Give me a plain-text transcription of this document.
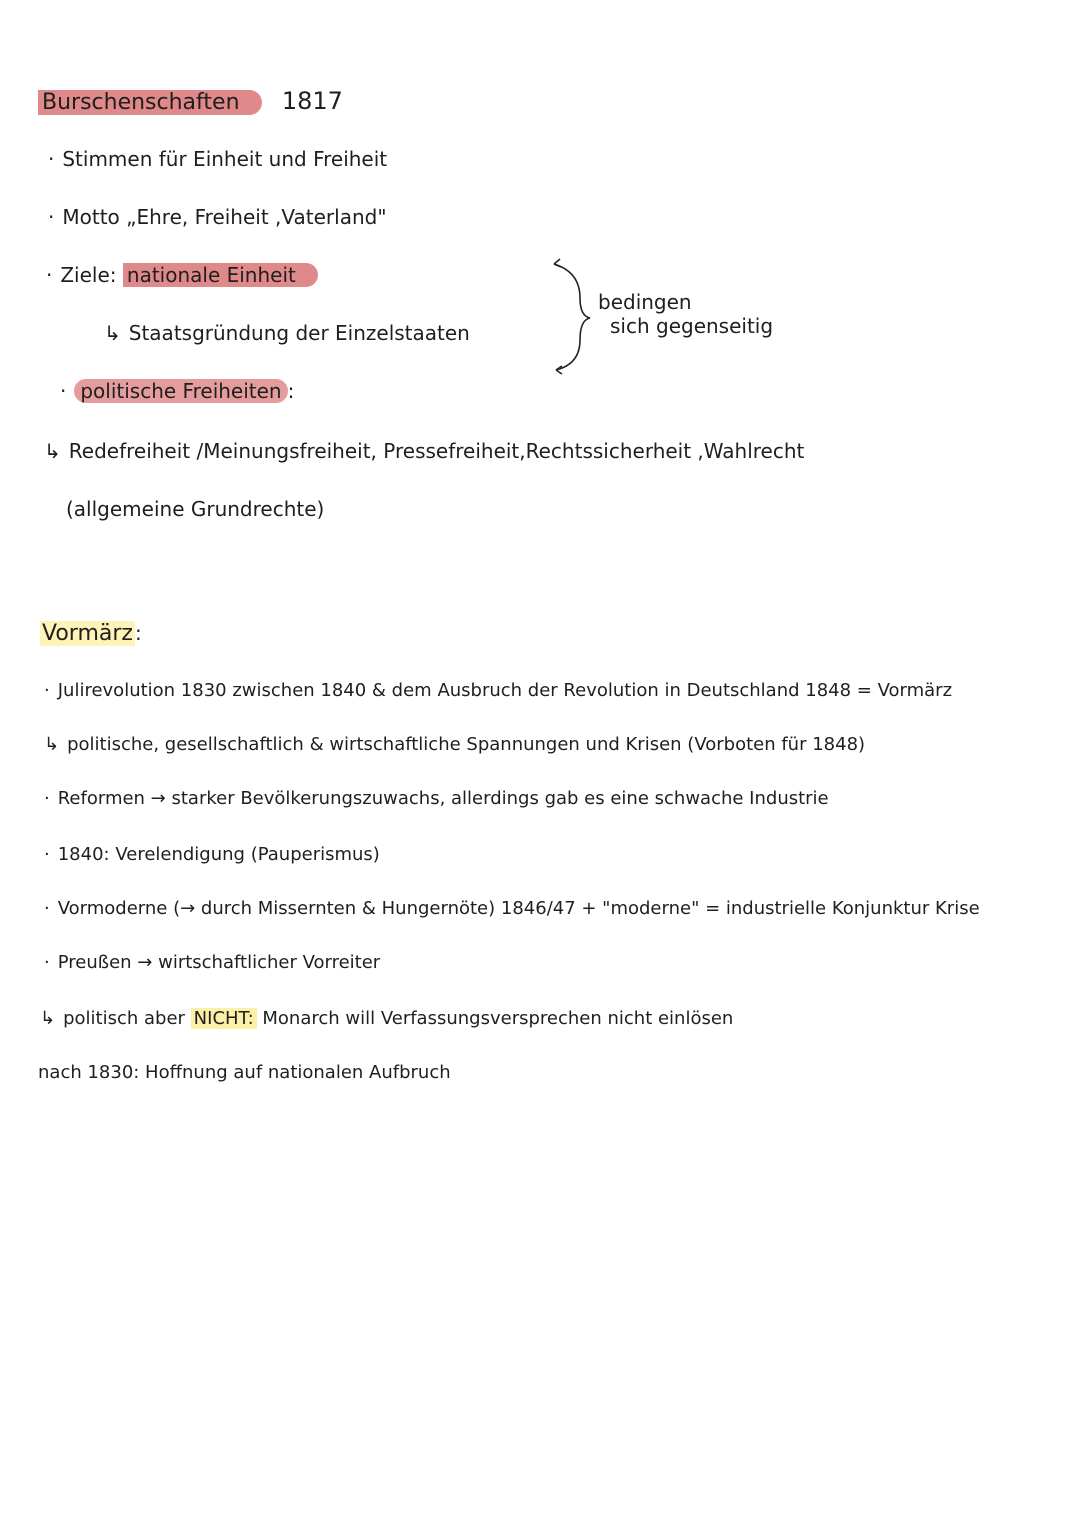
Burschenschaften 1817
· Stimmen für Einheit und Freiheit
· Motto „Ehre, Freiheit ,Vaterland"
· Ziele: nationale Einheit
↳ Staatsgründung der Einzelstaaten
bedingen
sich gegenseitig
· politische Freiheiten :
↳ Redefreiheit /Meinungsfreiheit, Pressefreiheit,Rechtssicherheit ,Wahlrecht
(allgemeine Grundrechte)
Vormärz :
· Julirevolution 1830 zwischen 1840 & dem Ausbruch der Revolution in Deutschland 1848 = Vormärz
↳ politische, gesellschaftlich & wirtschaftliche Spannungen und Krisen (Vorboten für 1848)
· Reformen → starker Bevölkerungszuwachs, allerdings gab es eine schwache Industrie
· 1840: Verelendigung (Pauperismus)
· Vormoderne (→ durch Missernten & Hungernöte) 1846/47 + "moderne" = industrielle Konjunktur Krise
· Preußen → wirtschaftlicher Vorreiter
↳ politisch aber NICHT: Monarch will Verfassungsversprechen nicht einlösen
nach 1830: Hoffnung auf nationalen Aufbruch
